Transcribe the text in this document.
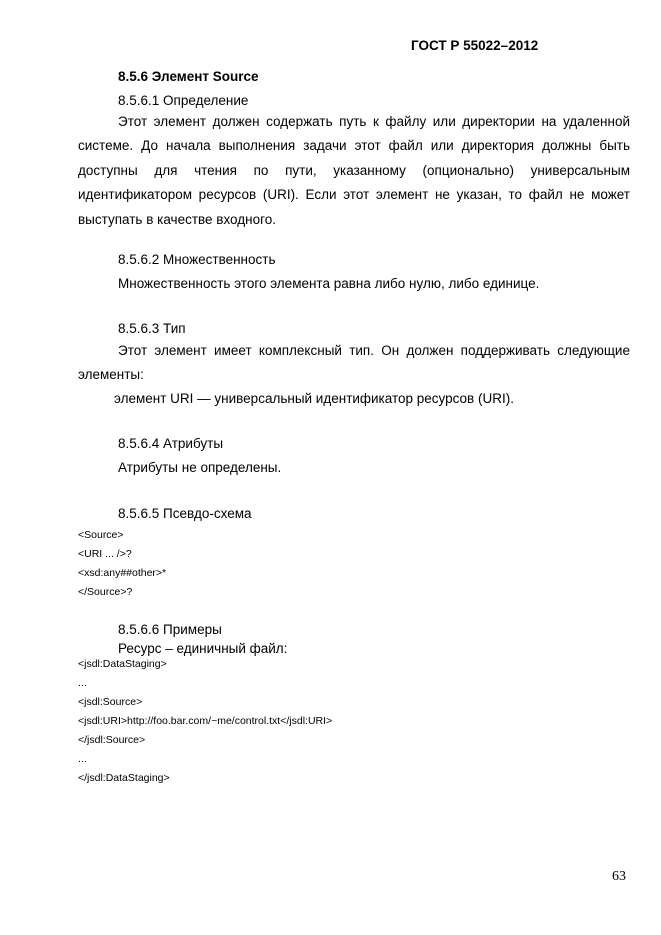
ГОСТ Р 55022–2012
8.5.6 Элемент Source
8.5.6.1 Определение
Этот элемент должен содержать путь к файлу или директории на удаленной
системе. До начала выполнения задачи этот файл или директория должны быть
доступны для чтения по пути, указанному (опционально) универсальным
идентификатором ресурсов (URI). Если этот элемент не указан, то файл не может
выступать в качестве входного.
8.5.6.2 Множественность
Множественность этого элемента равна либо нулю, либо единице.
8.5.6.3 Тип
Этот элемент имеет комплексный тип. Он должен поддерживать следующие
элементы:
элемент URI — универсальный идентификатор ресурсов (URI).
8.5.6.4 Атрибуты
Атрибуты не определены.
8.5.6.5 Псевдо-схема
<Source>
<URI ... />?
<xsd:any##other>*
</Source>?
8.5.6.6 Примеры
Ресурс – единичный файл:
<jsdl:DataStaging>
...
<jsdl:Source>
<jsdl:URI>http://foo.bar.com/~me/control.txt</jsdl:URI>
</jsdl:Source>
...
</jsdl:DataStaging>
63
